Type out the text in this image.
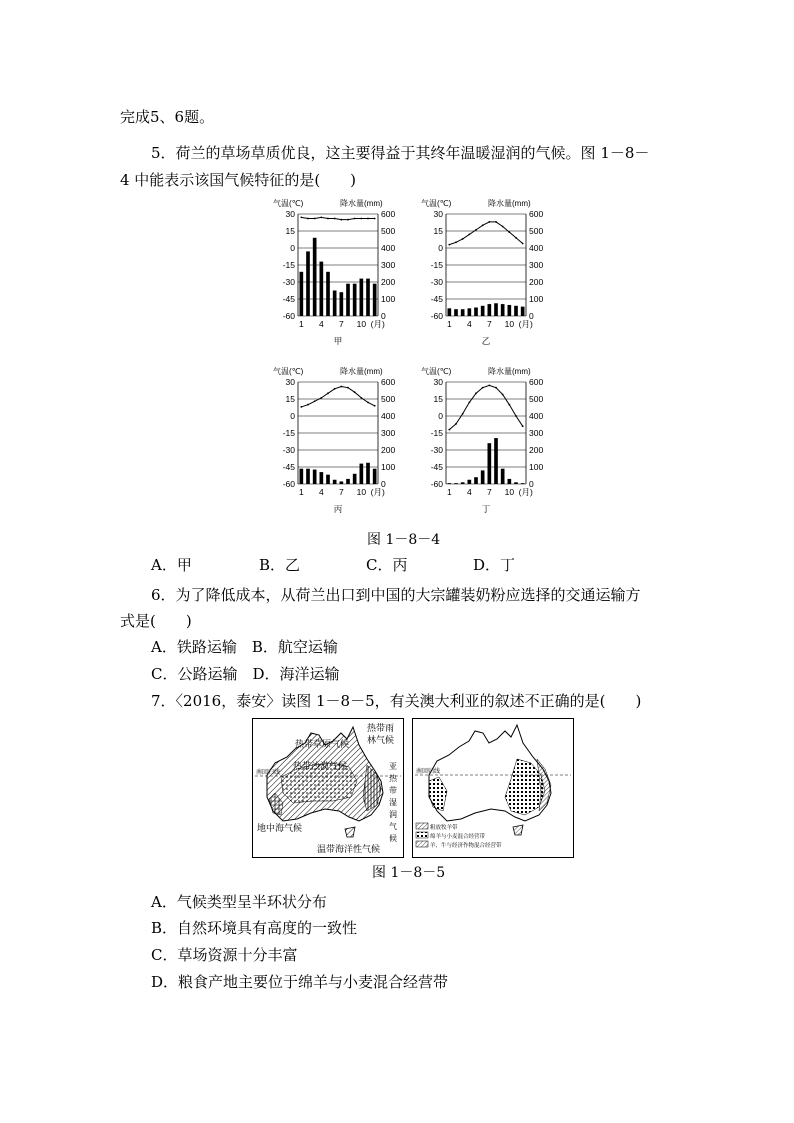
完成5、6题。
5．荷兰的草场草质优良，这主要得益于其终年温暖湿润的气候。图 1－8－
4 中能表示该国气候特征的是(　　)
气温(℃)	降水量(mm)
30	600
15	500
0	400
-15	300
-30	200
-45	100
-60	0
1 4 7 10 (月)
甲
气温(℃)	降水量(mm)
30	600
15	500
0	400
-15	300
-30	200
-45	100
-60	0
1 4 7 10 (月)
乙
气温(℃)	降水量(mm)
30	600
15	500
0	400
-15	300
-30	200
-45	100
-60	0
1 4 7 10 (月)
丙
气温(℃)	降水量(mm)
30	600
15	500
0	400
-15	300
-30	200
-45	100
-60	0
1 4 7 10 (月)
丁
图 1－8－4
A．甲	B．乙	C．丙	D．丁
6．为了降低成本，从荷兰出口到中国的大宗罐装奶粉应选择的交通运输方
式是(　　)
A．铁路运输　B．航空运输
C．公路运输　D．海洋运输
7．〈2016，泰安〉读图 1－8－5，有关澳大利亚的叙述不正确的是(　　)
南回归线
热带草原气候
热带沙漠气候
热带雨
林气候
地中海气候
温带海洋性气候
亚
热
带
湿
润
气
候
南回归线
粗放牧羊带
绵羊与小麦混合经营带
羊、牛与经济作物混合经营带
图 1－8－5
A．气候类型呈半环状分布
B．自然环境具有高度的一致性
C．草场资源十分丰富
D．粮食产地主要位于绵羊与小麦混合经营带
